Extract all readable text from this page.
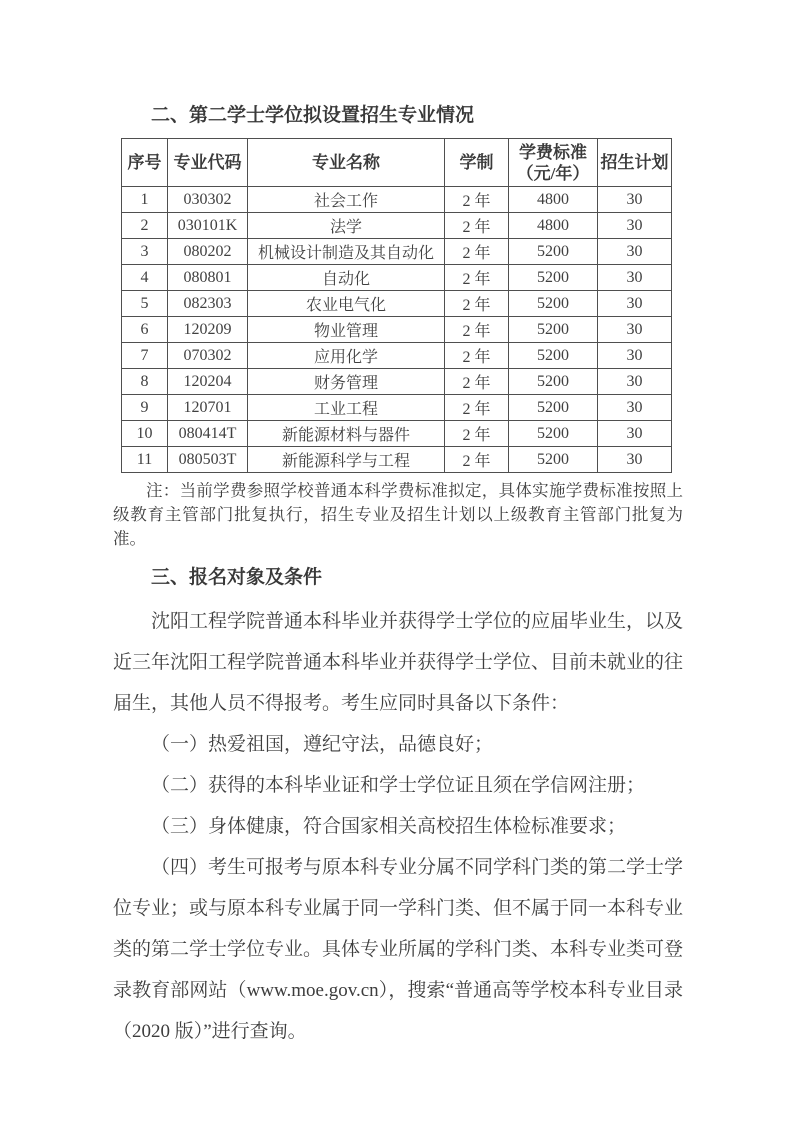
二、第二学士学位拟设置招生专业情况

序号	专业代码	专业名称	学制	学费标准
（元/年）	招生计划
1	030302	社会工作	2 年	4800	30
2	030101K	法学	2 年	4800	30
3	080202	机械设计制造及其自动化	2 年	5200	30
4	080801	自动化	2 年	5200	30
5	082303	农业电气化	2 年	5200	30
6	120209	物业管理	2 年	5200	30
7	070302	应用化学	2 年	5200	30
8	120204	财务管理	2 年	5200	30
9	120701	工业工程	2 年	5200	30
10	080414T	新能源材料与器件	2 年	5200	30
11	080503T	新能源科学与工程	2 年	5200	30

注：当前学费参照学校普通本科学费标准拟定，具体实施学费标准按照上级教育主管部门批复执行，招生专业及招生计划以上级教育主管部门批复为准。

三、报名对象及条件

沈阳工程学院普通本科毕业并获得学士学位的应届毕业生，以及近三年沈阳工程学院普通本科毕业并获得学士学位、目前未就业的往届生，其他人员不得报考。考生应同时具备以下条件：

（一）热爱祖国，遵纪守法，品德良好；

（二）获得的本科毕业证和学士学位证且须在学信网注册；

（三）身体健康，符合国家相关高校招生体检标准要求；

（四）考生可报考与原本科专业分属不同学科门类的第二学士学位专业；或与原本科专业属于同一学科门类、但不属于同一本科专业类的第二学士学位专业。具体专业所属的学科门类、本科专业类可登录教育部网站（www.moe.gov.cn），搜索“普通高等学校本科专业目录（2020 版）”进行查询。
